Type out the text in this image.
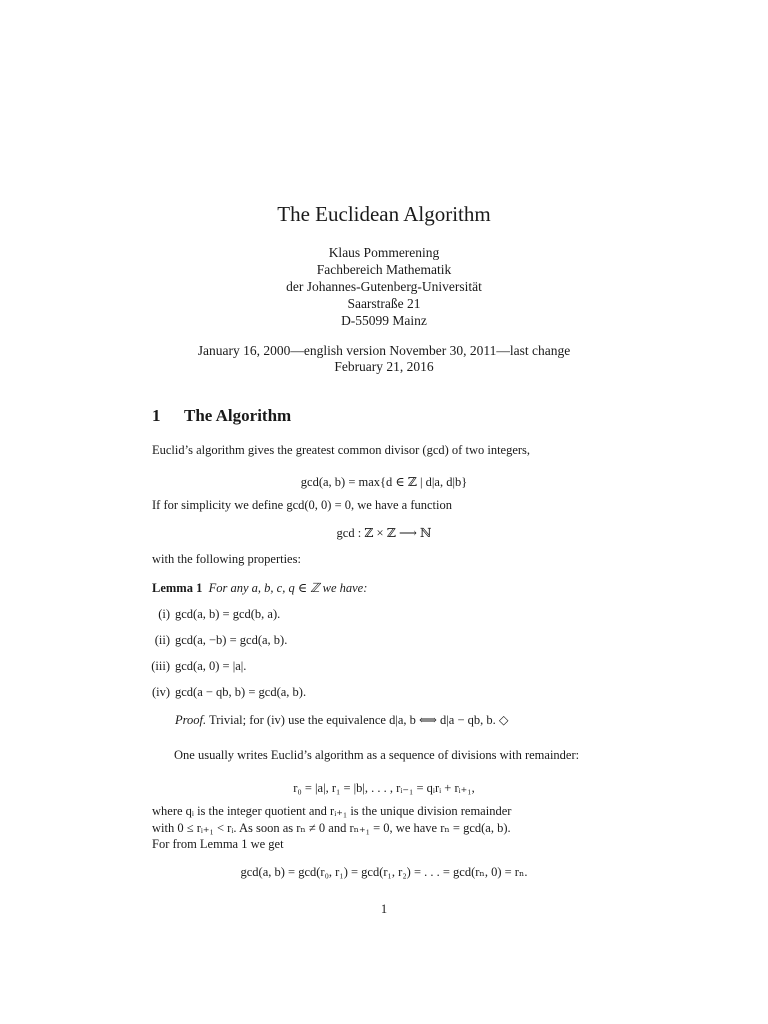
The Euclidean Algorithm
Klaus Pommerening
Fachbereich Mathematik
der Johannes-Gutenberg-Universität
Saarstraße 21
D-55099 Mainz
January 16, 2000—english version November 30, 2011—last change
February 21, 2016
1 The Algorithm
Euclid’s algorithm gives the greatest common divisor (gcd) of two integers,
gcd(a, b) = max{d ∈ ℤ | d|a, d|b}
If for simplicity we define gcd(0, 0) = 0, we have a function
gcd : ℤ × ℤ ⟶ ℕ
with the following properties:
Lemma 1 For any a, b, c, q ∈ ℤ we have:
(i) gcd(a, b) = gcd(b, a).
(ii) gcd(a, −b) = gcd(a, b).
(iii) gcd(a, 0) = |a|.
(iv) gcd(a − qb, b) = gcd(a, b).
Proof. Trivial; for (iv) use the equivalence d|a, b ⟺ d|a − qb, b. ◇
One usually writes Euclid’s algorithm as a sequence of divisions with remainder:
r₀ = |a|, r₁ = |b|, . . . , rᵢ₋₁ = qᵢrᵢ + rᵢ₊₁,
where qᵢ is the integer quotient and rᵢ₊₁ is the unique division remainder
with 0 ≤ rᵢ₊₁ < rᵢ. As soon as rₙ ≠ 0 and rₙ₊₁ = 0, we have rₙ = gcd(a, b).
For from Lemma 1 we get
gcd(a, b) = gcd(r₀, r₁) = gcd(r₁, r₂) = . . . = gcd(rₙ, 0) = rₙ.
1
